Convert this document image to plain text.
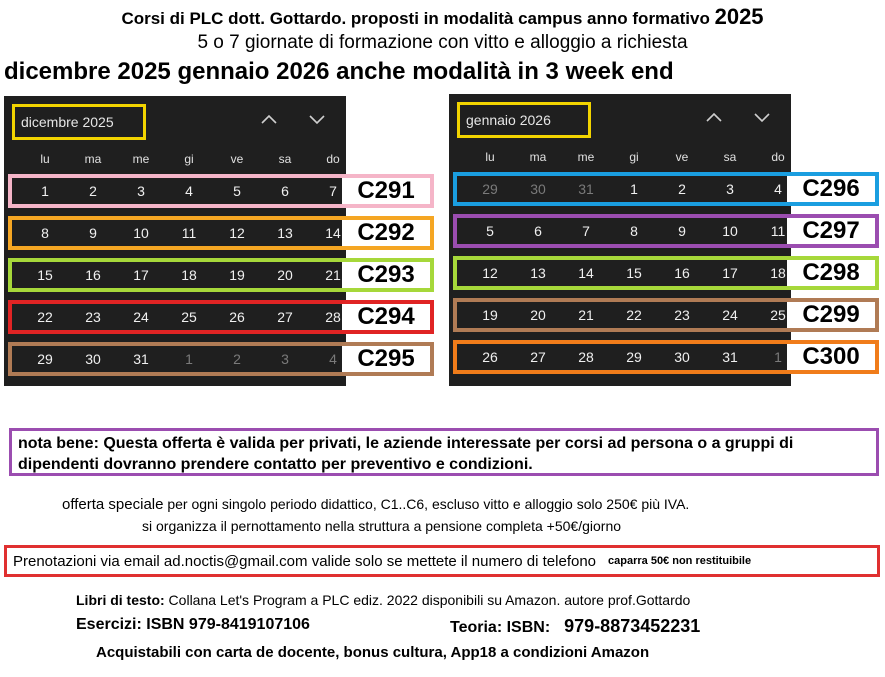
Corsi di PLC dott. Gottardo. proposti in modalità campus anno formativo 2025
5 o 7 giornate di formazione con vitto e alloggio a richiesta
dicembre 2025 gennaio 2026 anche modalità in 3 week end
dicembre 2025
lu	ma	me	gi	ve	sa	do
1	2	3	4	5	6	7 C291
8	9	10	11	12	13	14 C292
15	16	17	18	19	20	21 C293
22	23	24	25	26	27	28 C294
29	30	31	1	2	3	4 C295
gennaio 2026
lu	ma	me	gi	ve	sa	do
29	30	31	1	2	3	4 C296
5	6	7	8	9	10	11 C297
12	13	14	15	16	17	18 C298
19	20	21	22	23	24	25 C299
26	27	28	29	30	31	1 C300
nota bene: Questa offerta è valida per privati, le aziende interessate per corsi ad persona o a gruppi di dipendenti dovranno prendere contatto per preventivo e condizioni.
offerta speciale per ogni singolo periodo didattico, C1..C6, escluso vitto e alloggio solo 250€ più IVA.
si organizza il pernottamento nella struttura a pensione completa +50€/giorno
Prenotazioni via email ad.noctis@gmail.com valide solo se mettete il numero di telefono caparra 50€ non restituibile
Libri di testo: Collana Let's Program a PLC ediz. 2022 disponibili su Amazon. autore prof.Gottardo
Esercizi: ISBN 979-8419107106	Teoria: ISBN: 979-8873452231
Acquistabili con carta de docente, bonus cultura, App18 a condizioni Amazon
